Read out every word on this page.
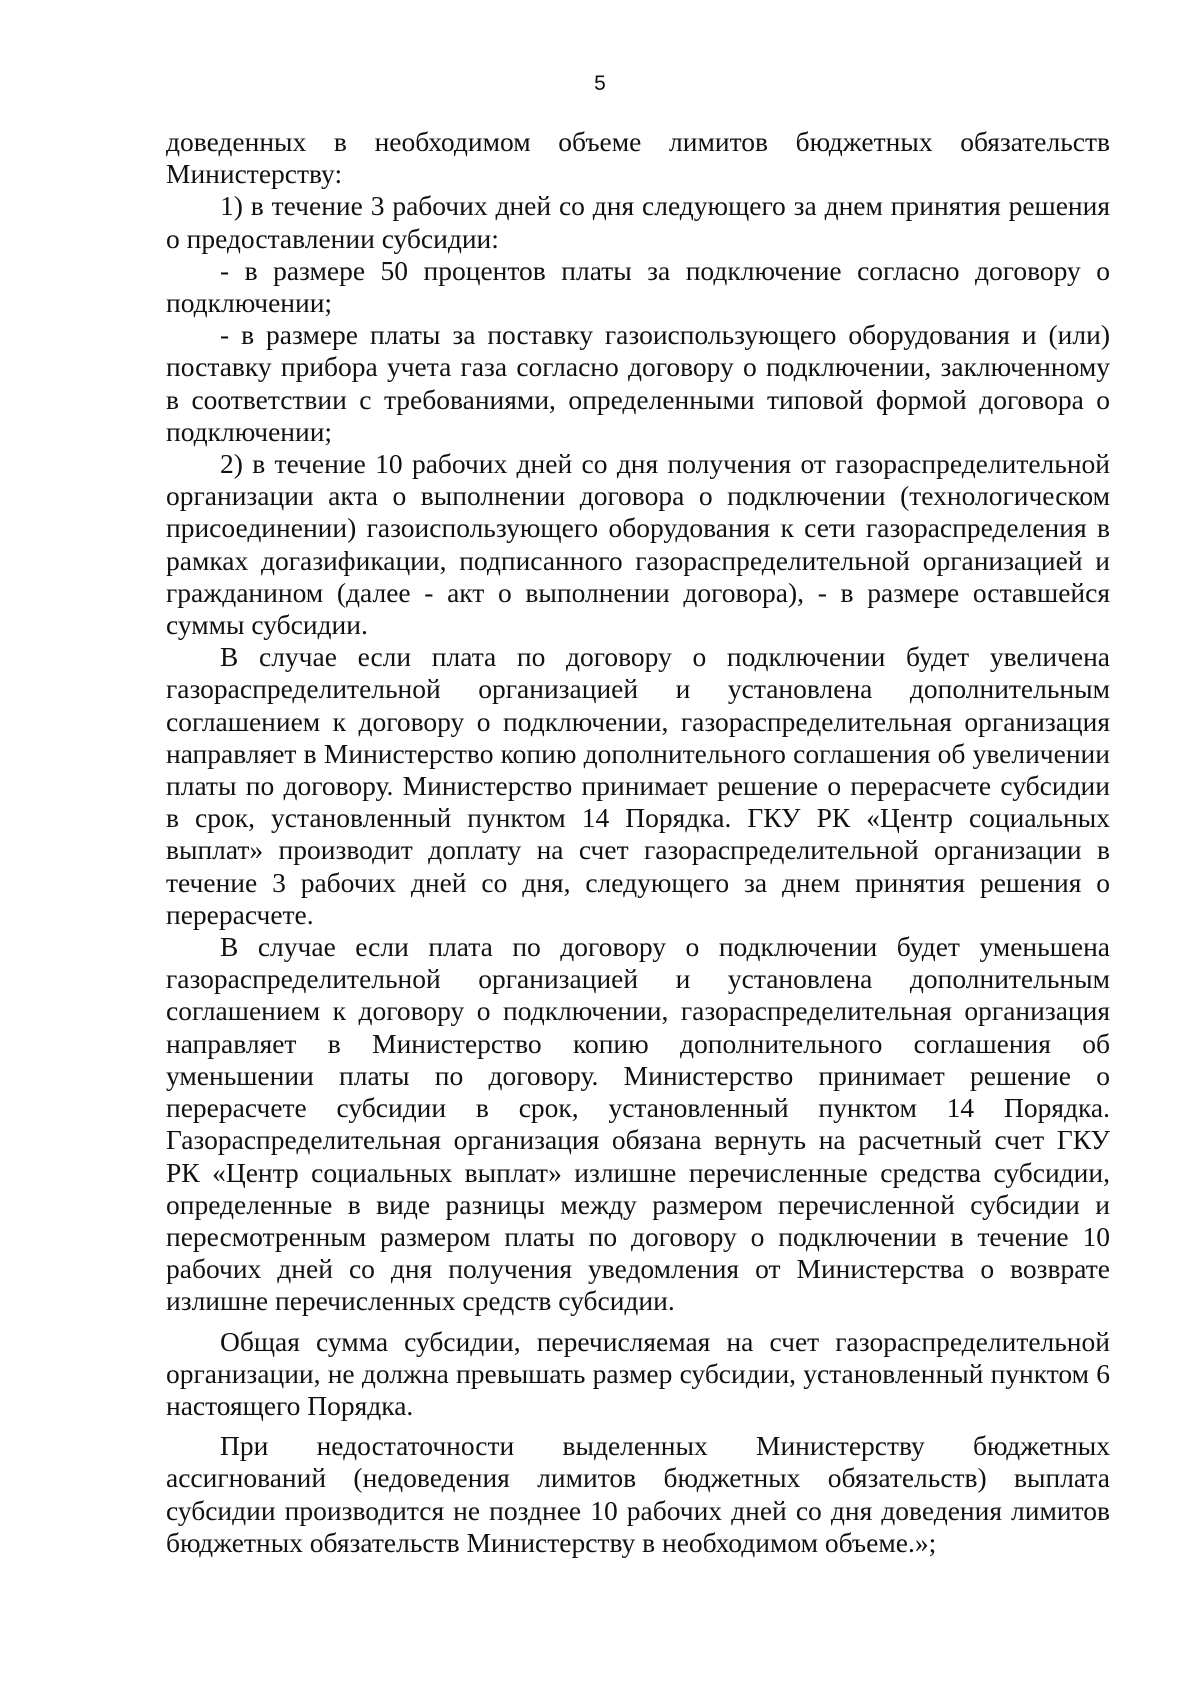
5

доведенных в необходимом объеме лимитов бюджетных обязательств Министерству:

1) в течение 3 рабочих дней со дня следующего за днем принятия решения о предоставлении субсидии:

- в размере 50 процентов платы за подключение согласно договору о подключении;

- в размере платы за поставку газоиспользующего оборудования и (или) поставку прибора учета газа согласно договору о подключении, заключенному в соответствии с требованиями, определенными типовой формой договора о подключении;

2) в течение 10 рабочих дней со дня получения от газораспределительной организации акта о выполнении договора о подключении (технологическом присоединении) газоиспользующего оборудования к сети газораспределения в рамках догазификации, подписанного газораспределительной организацией и гражданином (далее - акт о выполнении договора), - в размере оставшейся суммы субсидии.

В случае если плата по договору о подключении будет увеличена газораспределительной организацией и установлена дополнительным соглашением к договору о подключении, газораспределительная организация направляет в Министерство копию дополнительного соглашения об увеличении платы по договору. Министерство принимает решение о перерасчете субсидии в срок, установленный пунктом 14 Порядка. ГКУ РК «Центр социальных выплат» производит доплату на счет газораспределительной организации в течение 3 рабочих дней со дня, следующего за днем принятия решения о перерасчете.

В случае если плата по договору о подключении будет уменьшена газораспределительной организацией и установлена дополнительным соглашением к договору о подключении, газораспределительная организация направляет в Министерство копию дополнительного соглашения об уменьшении платы по договору. Министерство принимает решение о перерасчете субсидии в срок, установленный пунктом 14 Порядка. Газораспределительная организация обязана вернуть на расчетный счет ГКУ РК «Центр социальных выплат» излишне перечисленные средства субсидии, определенные в виде разницы между размером перечисленной субсидии и пересмотренным размером платы по договору о подключении в течение 10 рабочих дней со дня получения уведомления от Министерства о возврате излишне перечисленных средств субсидии.

Общая сумма субсидии, перечисляемая на счет газораспределительной организации, не должна превышать размер субсидии, установленный пунктом 6 настоящего Порядка.

При недостаточности выделенных Министерству бюджетных ассигнований (недоведения лимитов бюджетных обязательств) выплата субсидии производится не позднее 10 рабочих дней со дня доведения лимитов бюджетных обязательств Министерству в необходимом объеме.»;
